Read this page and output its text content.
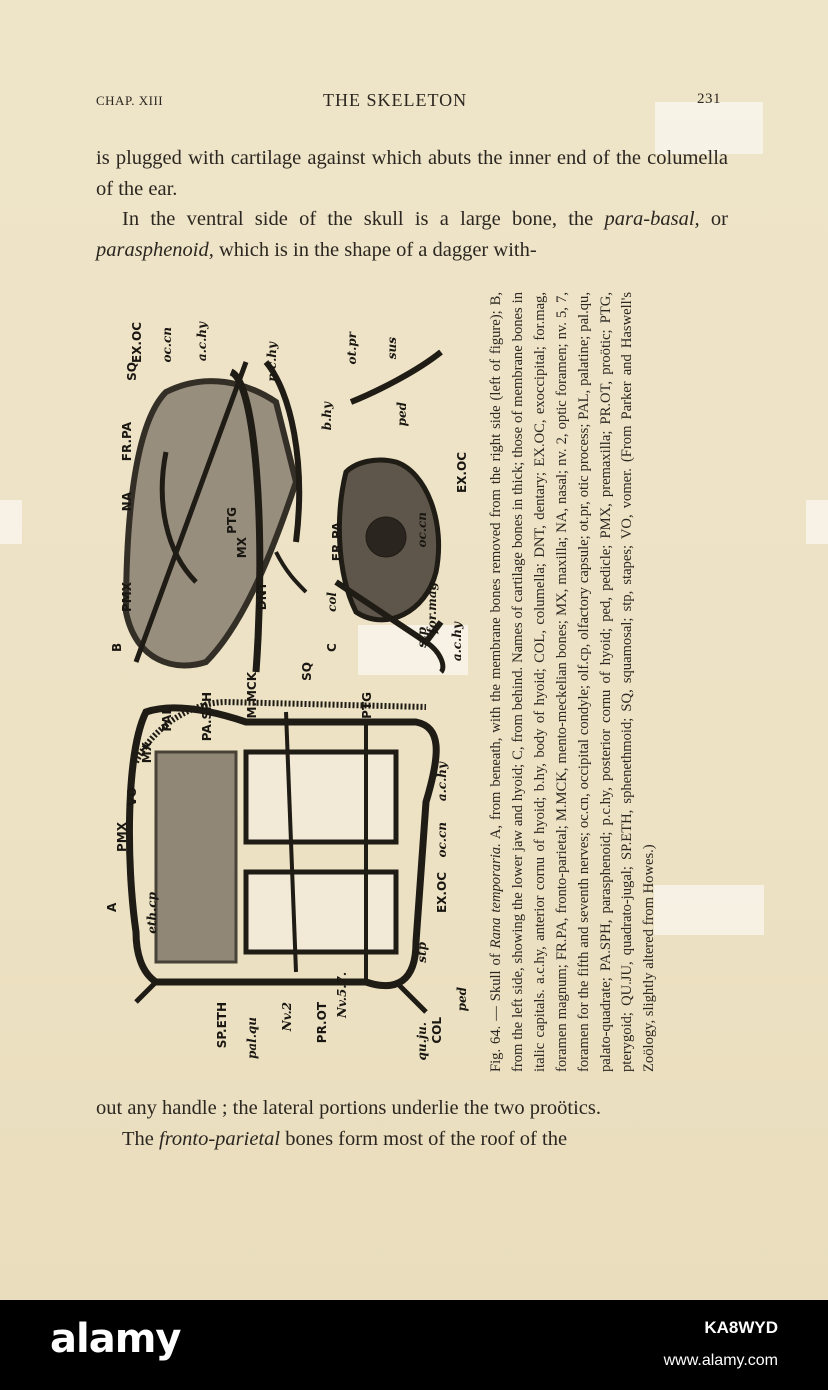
CHAP. XIII	THE SKELETON	231
is plugged with cartilage against which abuts the inner end of the columella of the ear.
In the ventral side of the skull is a large bone, the para-basal, or parasphenoid, which is in the shape of a dagger with-
A
B	C
eth.cp
PMX
VO
MX
PAL PA.SPH
SQ
PTG
a.c.hy
oc.cn
EX.OC
stp
ped
Nv.5.7.
qu.ju. COL
PR.OT
Nv.2
pal.qu
SP.ETH
PMX
NA
FR.PA
SQ
EX.OC oc.cn a.c.hy
PTG
p.c.hy
b.hy
MX
DNT
M.MCK
col
FR.PA
ot.pr sus
ped
EX.OC
oc.cn
for.mag
a.c.hy
stp
Fig. 64. — Skull of Rana temporaria. A, from beneath, with the membrane bones removed from the right side (left of figure); B, from the left side, showing the lower jaw and hyoid; C, from behind. Names of cartilage bones in thick; those of membrane bones in italic capitals. a.c.hy, anterior cornu of hyoid; b.hy, body of hyoid; COL, columella; DNT, dentary; EX.OC, exoccipital; for.mag, foramen magnum; FR.PA, fronto-parietal; M.MCK, mento-meckelian bones; MX, maxilla; NA, nasal; nv. 2, optic foramen; nv. 5, 7, foramen for the fifth and seventh nerves; oc.cn, occipital condyle; olf.cp, olfactory capsule; ot.pr, otic process; PAL, palatine; pal.qu, palato-quadrate; PA.SPH, parasphenoid; p.c.hy, posterior cornu of hyoid; ped, pedicle; PMX, premaxilla; PR.OT, proötic; PTG, pterygoid; QU.JU, quadrato-jugal; SP.ETH, sphenethmoid; SQ, squamosal; stp, stapes; VO, vomer. (From Parker and Haswell's Zoölogy, slightly altered from Howes.)
out any handle ; the lateral portions underlie the two proötics.
The fronto-parietal bones form most of the roof of the
alamy	KA8WYD
www.alamy.com
